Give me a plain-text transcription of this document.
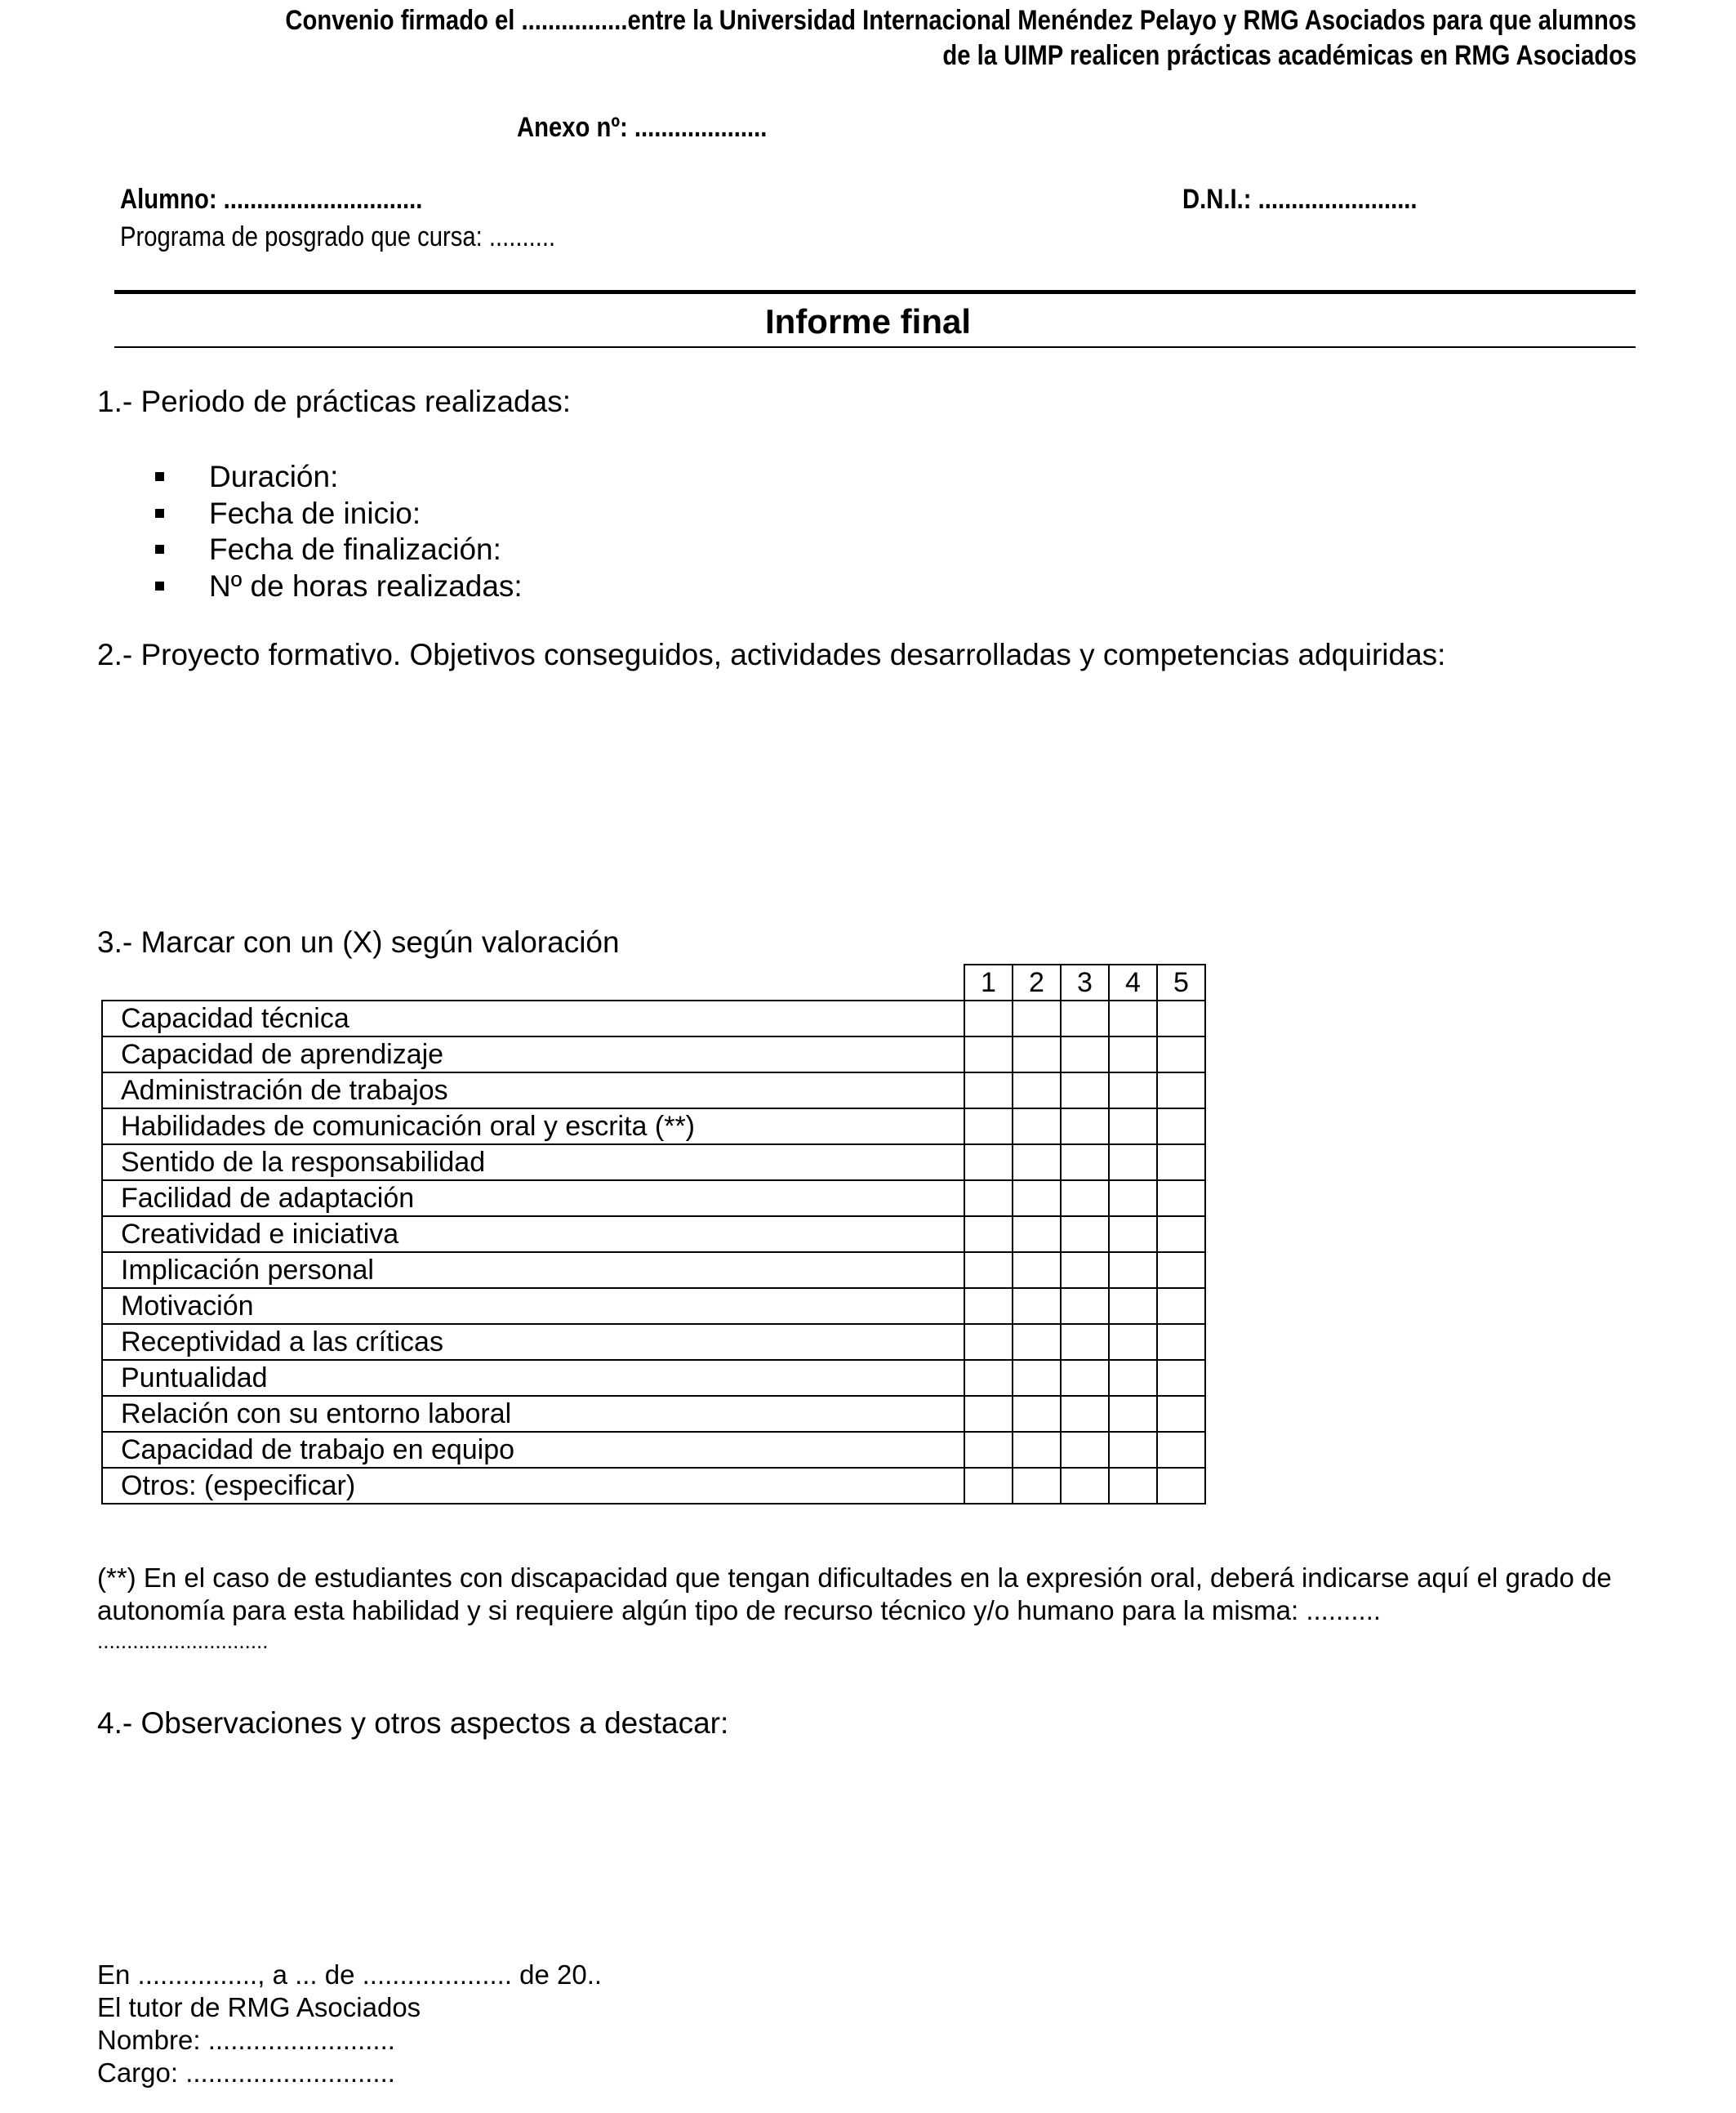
Convenio firmado el ................entre la Universidad Internacional Menéndez Pelayo y RMG Asociados para que alumnos
de la UIMP realicen prácticas académicas en RMG Asociados
Anexo nº: ....................
Alumno: ..............................	D.N.I.: ........................
Programa de posgrado que cursa: ..........
Informe final
1.- Periodo de prácticas realizadas:
Duración:
Fecha de inicio:
Fecha de finalización:
Nº de horas realizadas:
2.- Proyecto formativo. Objetivos conseguidos, actividades desarrolladas y competencias adquiridas:
3.- Marcar con un (X) según valoración
	1	2	3	4	5
Capacidad técnica					
Capacidad de aprendizaje					
Administración de trabajos					
Habilidades de comunicación oral y escrita (**)					
Sentido de la responsabilidad					
Facilidad de adaptación					
Creatividad e iniciativa					
Implicación personal					
Motivación					
Receptividad a las críticas					
Puntualidad					
Relación con su entorno laboral					
Capacidad de trabajo en equipo					
Otros: (especificar)					
(**) En el caso de estudiantes con discapacidad que tengan dificultades en la expresión oral, deberá indicarse aquí el grado de
autonomía para esta habilidad y si requiere algún tipo de recurso técnico y/o humano para la misma: ..........
.............................
4.- Observaciones y otros aspectos a destacar:
En ................, a ... de .................... de 20..
El tutor de RMG Asociados
Nombre: .........................
Cargo: ............................
